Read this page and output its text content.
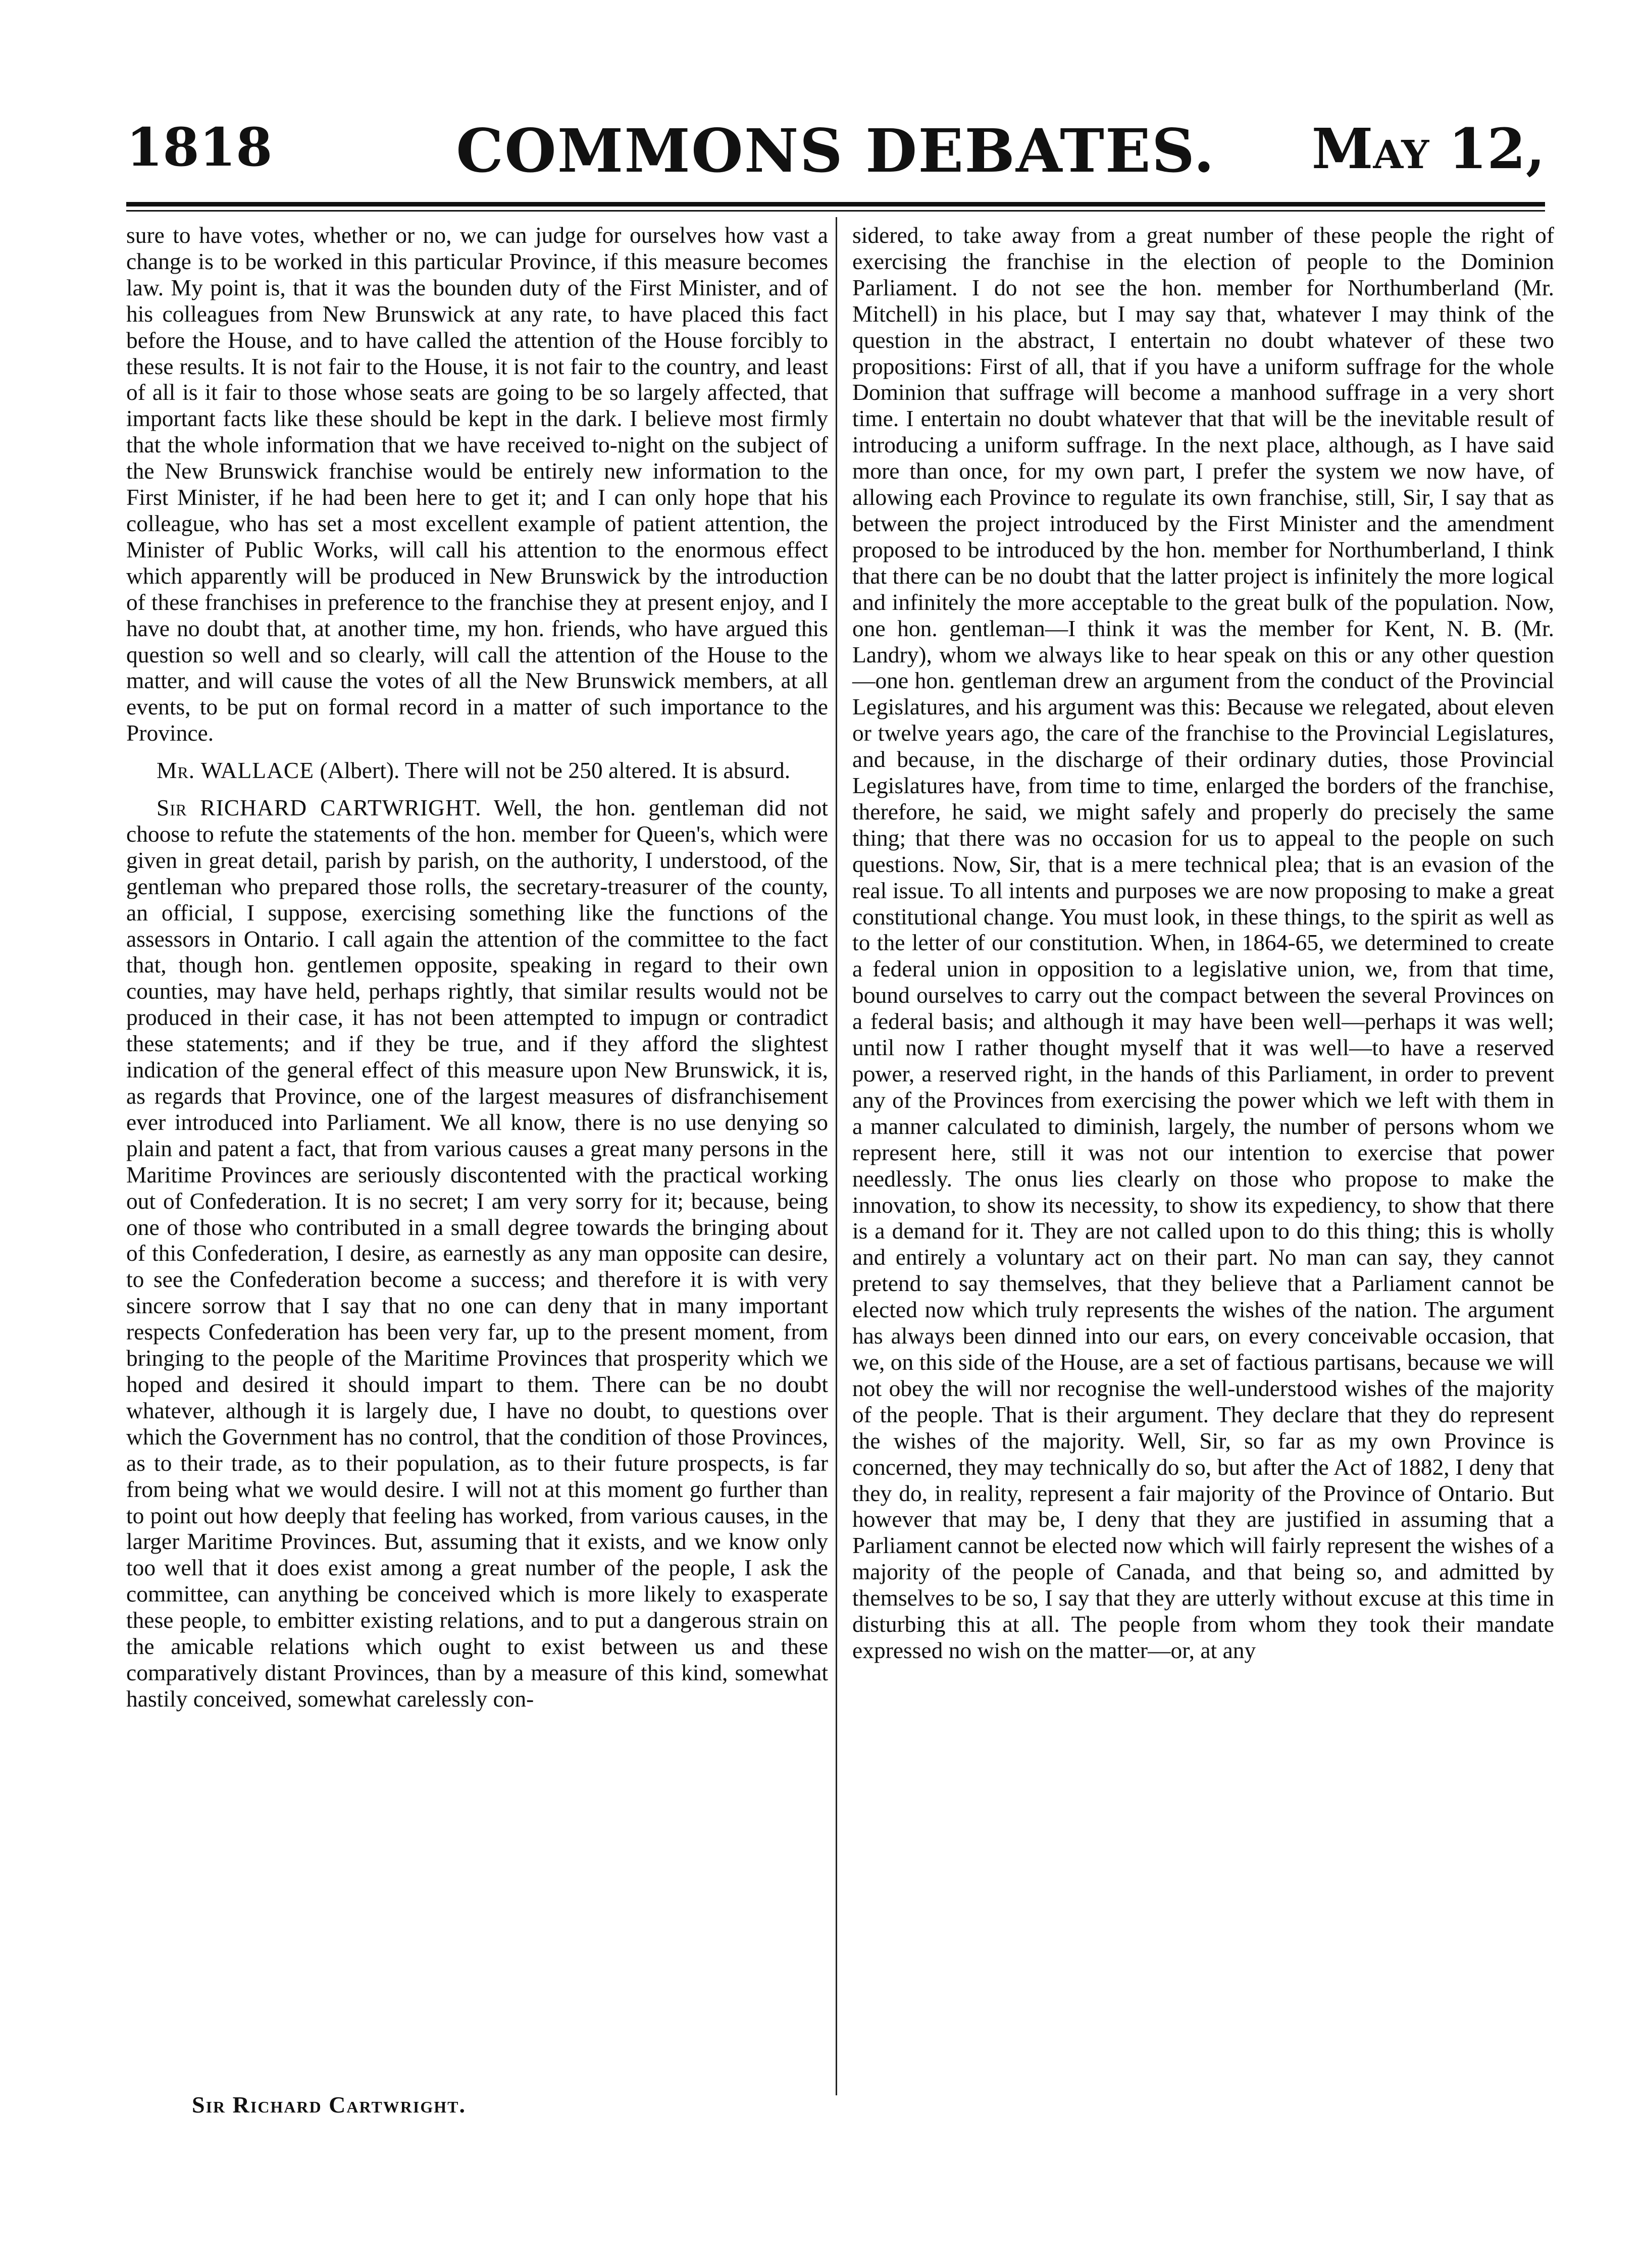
1818	COMMONS DEBATES.	May 12,

sure to have votes, whether or no, we can judge for ourselves how vast a change is to be worked in this particular Province, if this measure becomes law. My point is, that it was the bounden duty of the First Minister, and of his colleagues from New Brunswick at any rate, to have placed this fact before the House, and to have called the attention of the House forcibly to these results. It is not fair to the House, it is not fair to the country, and least of all is it fair to those whose seats are going to be so largely affected, that important facts like these should be kept in the dark. I believe most firmly that the whole information that we have received to-night on the subject of the New Brunswick franchise would be entirely new information to the First Minister, if he had been here to get it; and I can only hope that his colleague, who has set a most excellent example of patient attention, the Minister of Public Works, will call his attention to the enormous effect which apparently will be produced in New Brunswick by the introduction of these franchises in preference to the franchise they at present enjoy, and I have no doubt that, at another time, my hon. friends, who have argued this question so well and so clearly, will call the attention of the House to the matter, and will cause the votes of all the New Brunswick members, at all events, to be put on formal record in a matter of such importance to the Province.

Mr. WALLACE (Albert). There will not be 250 altered. It is absurd.

Sir RICHARD CARTWRIGHT. Well, the hon. gentleman did not choose to refute the statements of the hon. member for Queen's, which were given in great detail, parish by parish, on the authority, I understood, of the gentleman who prepared those rolls, the secretary-treasurer of the county, an official, I suppose, exercising something like the functions of the assessors in Ontario. I call again the attention of the committee to the fact that, though hon. gentlemen opposite, speaking in regard to their own counties, may have held, perhaps rightly, that similar results would not be produced in their case, it has not been attempted to impugn or contradict these statements; and if they be true, and if they afford the slightest indication of the general effect of this measure upon New Brunswick, it is, as regards that Province, one of the largest measures of disfranchisement ever introduced into Parliament. We all know, there is no use denying so plain and patent a fact, that from various causes a great many persons in the Maritime Provinces are seriously discontented with the practical working out of Confederation. It is no secret; I am very sorry for it; because, being one of those who contributed in a small degree towards the bringing about of this Confederation, I desire, as earnestly as any man opposite can desire, to see the Confederation become a success; and therefore it is with very sincere sorrow that I say that no one can deny that in many important respects Confederation has been very far, up to the present moment, from bringing to the people of the Maritime Provinces that prosperity which we hoped and desired it should impart to them. There can be no doubt whatever, although it is largely due, I have no doubt, to questions over which the Government has no control, that the condition of those Provinces, as to their trade, as to their population, as to their future prospects, is far from being what we would desire. I will not at this moment go further than to point out how deeply that feeling has worked, from various causes, in the larger Maritime Provinces. But, assuming that it exists, and we know only too well that it does exist among a great number of the people, I ask the committee, can anything be conceived which is more likely to exasperate these people, to embitter existing relations, and to put a dangerous strain on the amicable relations which ought to exist between us and these comparatively distant Provinces, than by a measure of this kind, somewhat hastily conceived, somewhat carelessly con-

sidered, to take away from a great number of these people the right of exercising the franchise in the election of people to the Dominion Parliament. I do not see the hon. member for Northumberland (Mr. Mitchell) in his place, but I may say that, whatever I may think of the question in the abstract, I entertain no doubt whatever of these two propositions: First of all, that if you have a uniform suffrage for the whole Dominion that suffrage will become a manhood suffrage in a very short time. I entertain no doubt whatever that that will be the inevitable result of introducing a uniform suffrage. In the next place, although, as I have said more than once, for my own part, I prefer the system we now have, of allowing each Province to regulate its own franchise, still, Sir, I say that as between the project introduced by the First Minister and the amendment proposed to be introduced by the hon. member for Northumberland, I think that there can be no doubt that the latter project is infinitely the more logical and infinitely the more acceptable to the great bulk of the population. Now, one hon. gentleman—I think it was the member for Kent, N. B. (Mr. Landry), whom we always like to hear speak on this or any other question—one hon. gentleman drew an argument from the conduct of the Provincial Legislatures, and his argument was this: Because we relegated, about eleven or twelve years ago, the care of the franchise to the Provincial Legislatures, and because, in the discharge of their ordinary duties, those Provincial Legislatures have, from time to time, enlarged the borders of the franchise, therefore, he said, we might safely and properly do precisely the same thing; that there was no occasion for us to appeal to the people on such questions. Now, Sir, that is a mere technical plea; that is an evasion of the real issue. To all intents and purposes we are now proposing to make a great constitutional change. You must look, in these things, to the spirit as well as to the letter of our constitution. When, in 1864-65, we determined to create a federal union in opposition to a legislative union, we, from that time, bound ourselves to carry out the compact between the several Provinces on a federal basis; and although it may have been well—perhaps it was well; until now I rather thought myself that it was well—to have a reserved power, a reserved right, in the hands of this Parliament, in order to prevent any of the Provinces from exercising the power which we left with them in a manner calculated to diminish, largely, the number of persons whom we represent here, still it was not our intention to exercise that power needlessly. The onus lies clearly on those who propose to make the innovation, to show its necessity, to show its expediency, to show that there is a demand for it. They are not called upon to do this thing; this is wholly and entirely a voluntary act on their part. No man can say, they cannot pretend to say themselves, that they believe that a Parliament cannot be elected now which truly represents the wishes of the nation. The argument has always been dinned into our ears, on every conceivable occasion, that we, on this side of the House, are a set of factious partisans, because we will not obey the will nor recognise the well-understood wishes of the majority of the people. That is their argument. They declare that they do represent the wishes of the majority. Well, Sir, so far as my own Province is concerned, they may technically do so, but after the Act of 1882, I deny that they do, in reality, represent a fair majority of the Province of Ontario. But however that may be, I deny that they are justified in assuming that a Parliament cannot be elected now which will fairly represent the wishes of a majority of the people of Canada, and that being so, and admitted by themselves to be so, I say that they are utterly without excuse at this time in disturbing this at all. The people from whom they took their mandate expressed no wish on the matter—or, at any

Sir Richard Cartwright.
